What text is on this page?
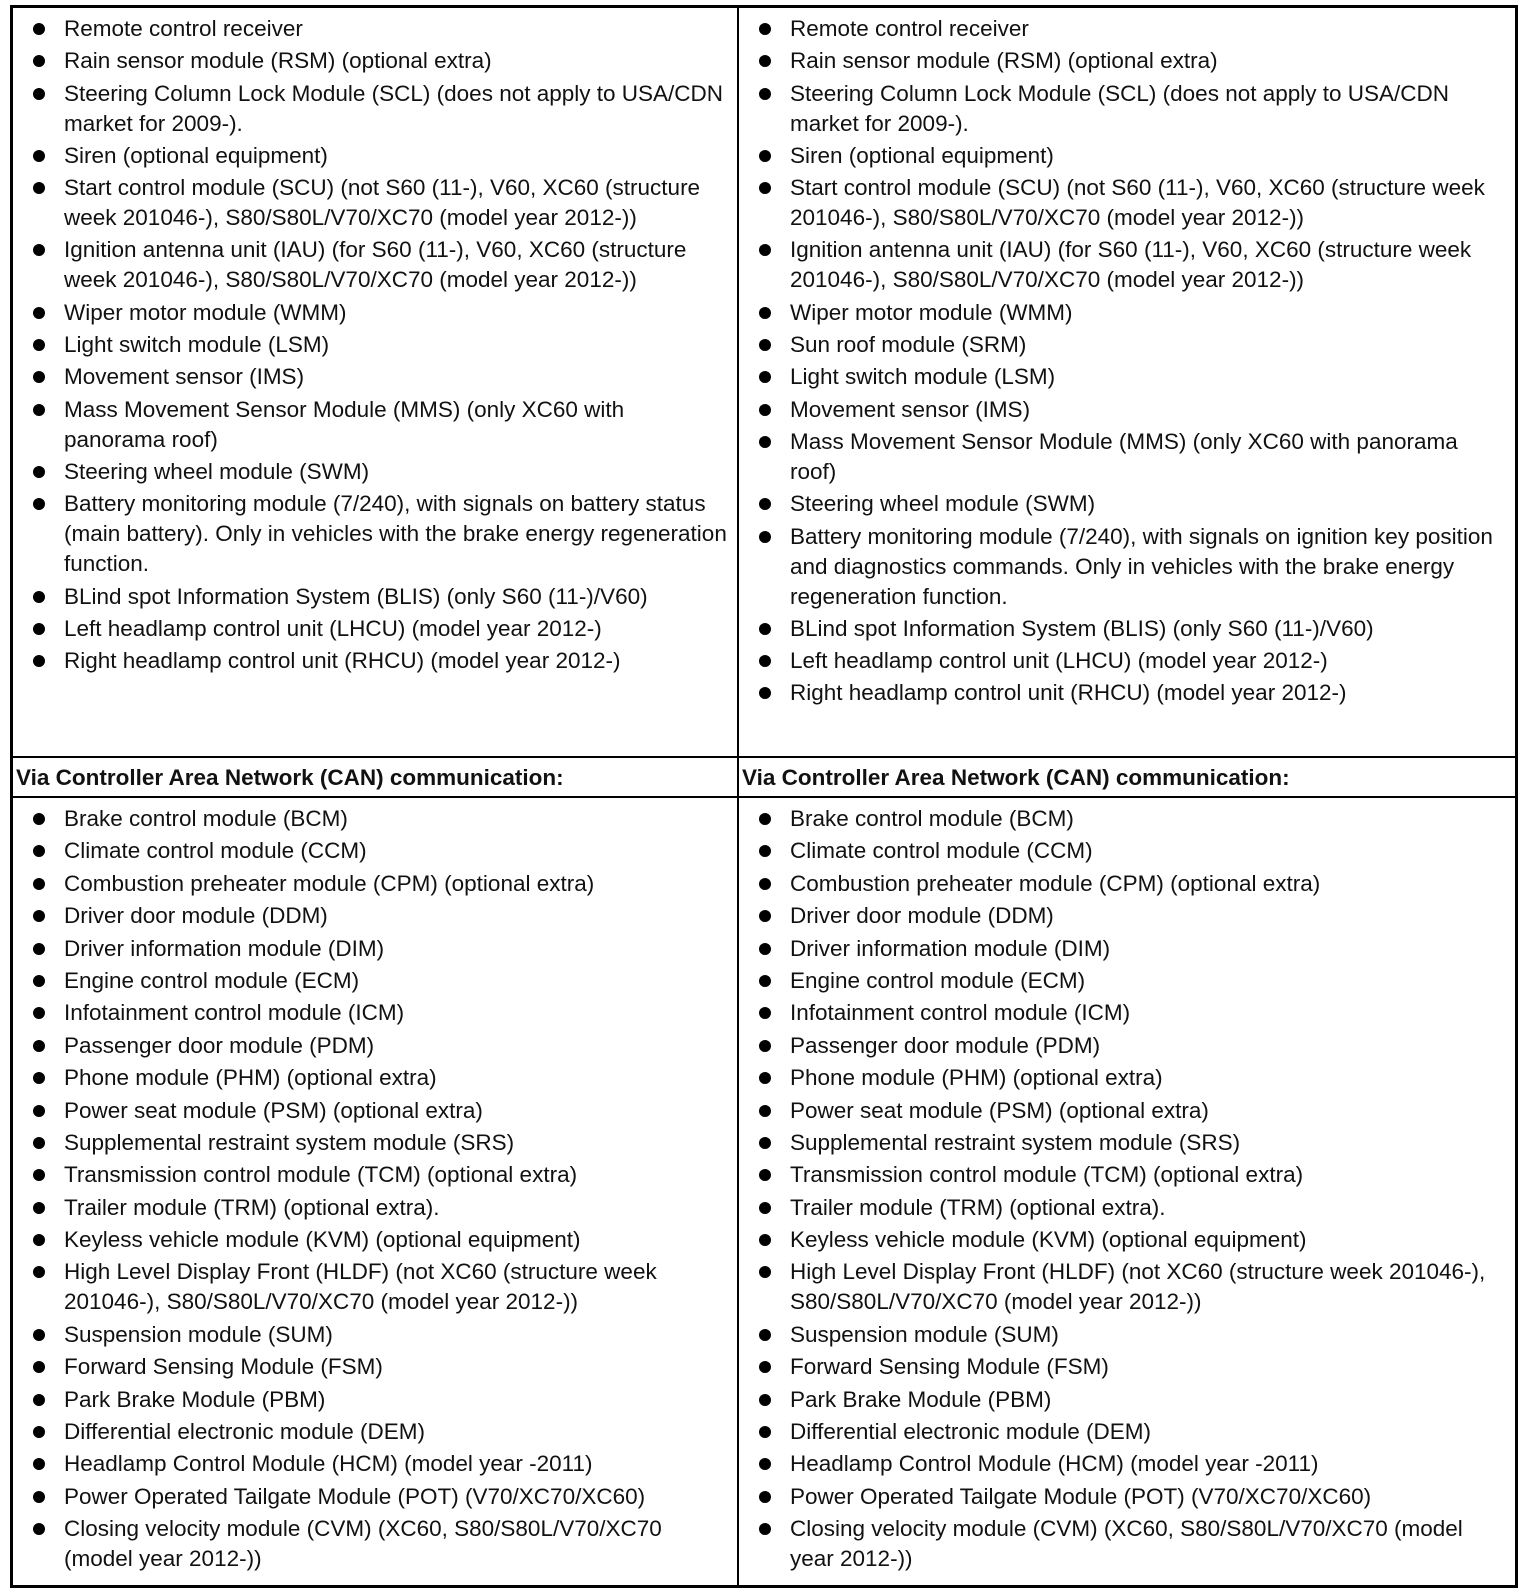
Remote control receiver
Rain sensor module (RSM) (optional extra)
Steering Column Lock Module (SCL) (does not apply to USA/CDN market for 2009-).
Siren (optional equipment)
Start control module (SCU) (not S60 (11-), V60, XC60 (structure week 201046-), S80/S80L/V70/XC70 (model year 2012-))
Ignition antenna unit (IAU) (for S60 (11-), V60, XC60 (structure week 201046-), S80/S80L/V70/XC70 (model year 2012-))
Wiper motor module (WMM)
Light switch module (LSM)
Movement sensor (IMS)
Mass Movement Sensor Module (MMS) (only XC60 with panorama roof)
Steering wheel module (SWM)
Battery monitoring module (7/240), with signals on battery status (main battery). Only in vehicles with the brake energy regeneration function.
BLind spot Information System (BLIS) (only S60 (11-)/V60)
Left headlamp control unit (LHCU) (model year 2012-)
Right headlamp control unit (RHCU) (model year 2012-)
Remote control receiver
Rain sensor module (RSM) (optional extra)
Steering Column Lock Module (SCL) (does not apply to USA/CDN market for 2009-).
Siren (optional equipment)
Start control module (SCU) (not S60 (11-), V60, XC60 (structure week 201046-), S80/S80L/V70/XC70 (model year 2012-))
Ignition antenna unit (IAU) (for S60 (11-), V60, XC60 (structure week 201046-), S80/S80L/V70/XC70 (model year 2012-))
Wiper motor module (WMM)
Sun roof module (SRM)
Light switch module (LSM)
Movement sensor (IMS)
Mass Movement Sensor Module (MMS) (only XC60 with panorama roof)
Steering wheel module (SWM)
Battery monitoring module (7/240), with signals on ignition key position and diagnostics commands. Only in vehicles with the brake energy regeneration function.
BLind spot Information System (BLIS) (only S60 (11-)/V60)
Left headlamp control unit (LHCU) (model year 2012-)
Right headlamp control unit (RHCU) (model year 2012-)
Via Controller Area Network (CAN) communication:	Via Controller Area Network (CAN) communication:
Brake control module (BCM)
Climate control module (CCM)
Combustion preheater module (CPM) (optional extra)
Driver door module (DDM)
Driver information module (DIM)
Engine control module (ECM)
Infotainment control module (ICM)
Passenger door module (PDM)
Phone module (PHM) (optional extra)
Power seat module (PSM) (optional extra)
Supplemental restraint system module (SRS)
Transmission control module (TCM) (optional extra)
Trailer module (TRM) (optional extra).
Keyless vehicle module (KVM) (optional equipment)
High Level Display Front (HLDF) (not XC60 (structure week 201046-), S80/S80L/V70/XC70 (model year 2012-))
Suspension module (SUM)
Forward Sensing Module (FSM)
Park Brake Module (PBM)
Differential electronic module (DEM)
Headlamp Control Module (HCM) (model year -2011)
Power Operated Tailgate Module (POT) (V70/XC70/XC60)
Closing velocity module (CVM) (XC60, S80/S80L/V70/XC70 (model year 2012-))
Brake control module (BCM)
Climate control module (CCM)
Combustion preheater module (CPM) (optional extra)
Driver door module (DDM)
Driver information module (DIM)
Engine control module (ECM)
Infotainment control module (ICM)
Passenger door module (PDM)
Phone module (PHM) (optional extra)
Power seat module (PSM) (optional extra)
Supplemental restraint system module (SRS)
Transmission control module (TCM) (optional extra)
Trailer module (TRM) (optional extra).
Keyless vehicle module (KVM) (optional equipment)
High Level Display Front (HLDF) (not XC60 (structure week 201046-), S80/S80L/V70/XC70 (model year 2012-))
Suspension module (SUM)
Forward Sensing Module (FSM)
Park Brake Module (PBM)
Differential electronic module (DEM)
Headlamp Control Module (HCM) (model year -2011)
Power Operated Tailgate Module (POT) (V70/XC70/XC60)
Closing velocity module (CVM) (XC60, S80/S80L/V70/XC70 (model year 2012-))
